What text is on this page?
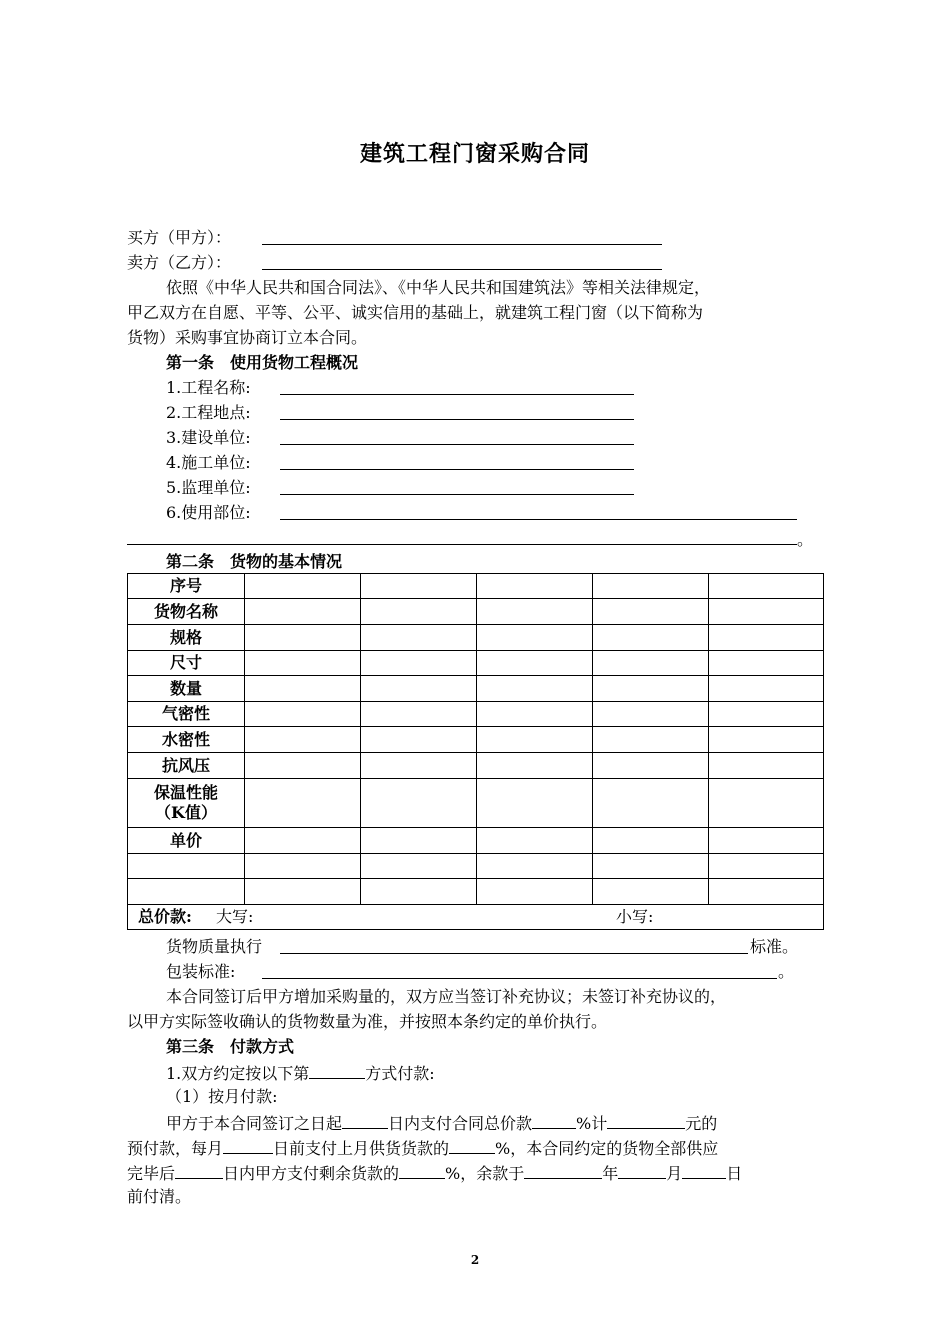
建筑工程门窗采购合同
买方（甲方）：
卖方（乙方）：
依照《中华人民共和国合同法》、《中华人民共和国建筑法》等相关法律规定，
甲乙双方在自愿、平等、公平、诚实信用的基础上，就建筑工程门窗（以下简称为
货物）采购事宜协商订立本合同。
第一条　使用货物工程概况
1.工程名称:
2.工程地点:
3.建设单位:
4.施工单位:
5.监理单位:
6.使用部位:
。
第二条　货物的基本情况
序号					
货物名称					
规格					
尺寸					
数量					
气密性					
水密性					
抗风压					

保温性能
（K值）					

单价					

总价款: 大写: 小写:					
货物质量执行	标准。
包装标准:	。
本合同签订后甲方增加采购量的，双方应当签订补充协议；未签订补充协议的，
以甲方实际签收确认的货物数量为准，并按照本条约定的单价执行。
第三条　付款方式
1.双方约定按以下第	方式付款:
（1）按月付款:
甲方于本合同签订之日起	日内支付合同总价款	%计	元的
预付款，每月	日前支付上月供货货款的	%，本合同约定的货物全部供应
完毕后	日内甲方支付剩余货款的	%，余款于	年	月	日
前付清。
2
